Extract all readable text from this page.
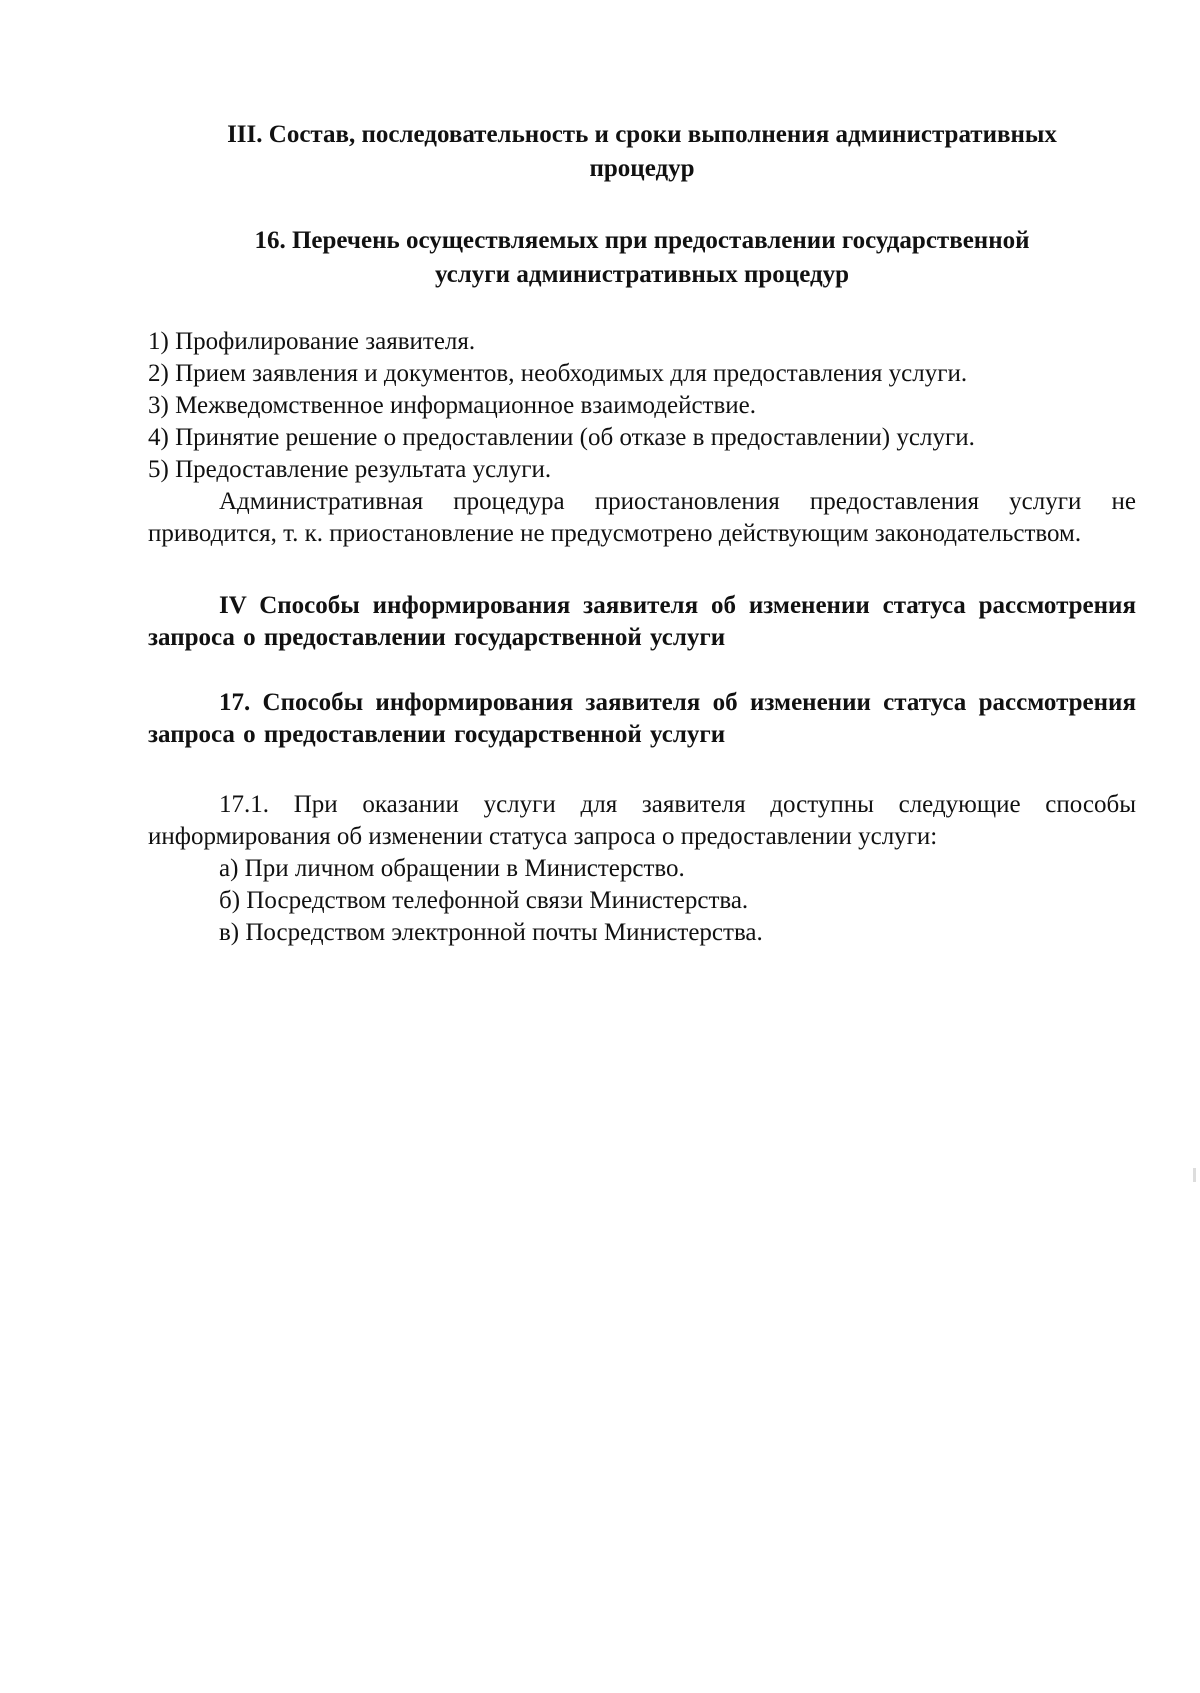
III. Состав, последовательность и сроки выполнения административных
процедур
16. Перечень осуществляемых при предоставлении государственной
услуги административных процедур
1) Профилирование заявителя.
2) Прием заявления и документов, необходимых для предоставления услуги.
3) Межведомственное информационное взаимодействие.
4) Принятие решение о предоставлении (об отказе в предоставлении) услуги.
5) Предоставление результата услуги.

Административная процедура приостановления предоставления услуги не приводится, т. к. приостановление не предусмотрено действующим законодательством.

IV Способы информирования заявителя об изменении статуса рассмотрения запроса о предоставлении государственной услуги

17. Способы информирования заявителя об изменении статуса рассмотрения запроса о предоставлении государственной услуги

17.1. При оказании услуги для заявителя доступны следующие способы информирования об изменении статуса запроса о предоставлении услуги:

а) При личном обращении в Министерство.
б) Посредством телефонной связи Министерства.
в) Посредством электронной почты Министерства.
